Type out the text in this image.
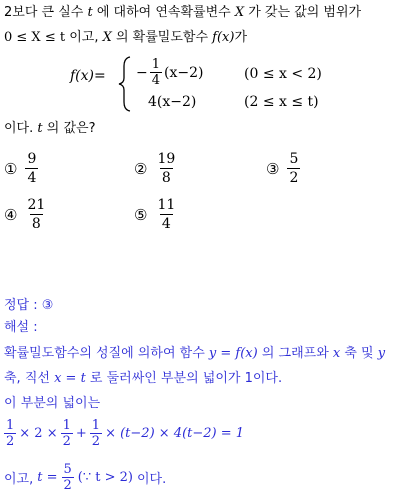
2보다 큰 실수 t 에 대하여 연속확률변수 X 가 갖는 값의 범위가
0 ≤ X ≤ t 이고, X 의 확률밀도함수 f(x)가
$f(x)= - \frac{1}{4} (x-2)$	(0 ≤ x < 2)
4(x−2)	(2 ≤ x ≤ t)
이다. t 의 값은?
① $\frac{9}{4}$	② $\frac{19}{8}$	③ $\frac{5}{2}$
④ $\frac{21}{8}$	⑤ $\frac{11}{4}$
정답 : ③
해설 :
확률밀도함수의 성질에 의하여 함수 y = f(x) 의 그래프와 x 축 및 y
축, 직선 x = t 로 둘러싸인 부분의 넓이가 1이다.
이 부분의 넓이는
$\frac{1}{2} \times 2 \times \frac{1}{2} + \frac{1}{2} \times (t-2) \times 4(t-2) = 1$
이고, $t = \frac{5}{2}$ (∵ t > 2) 이다.
